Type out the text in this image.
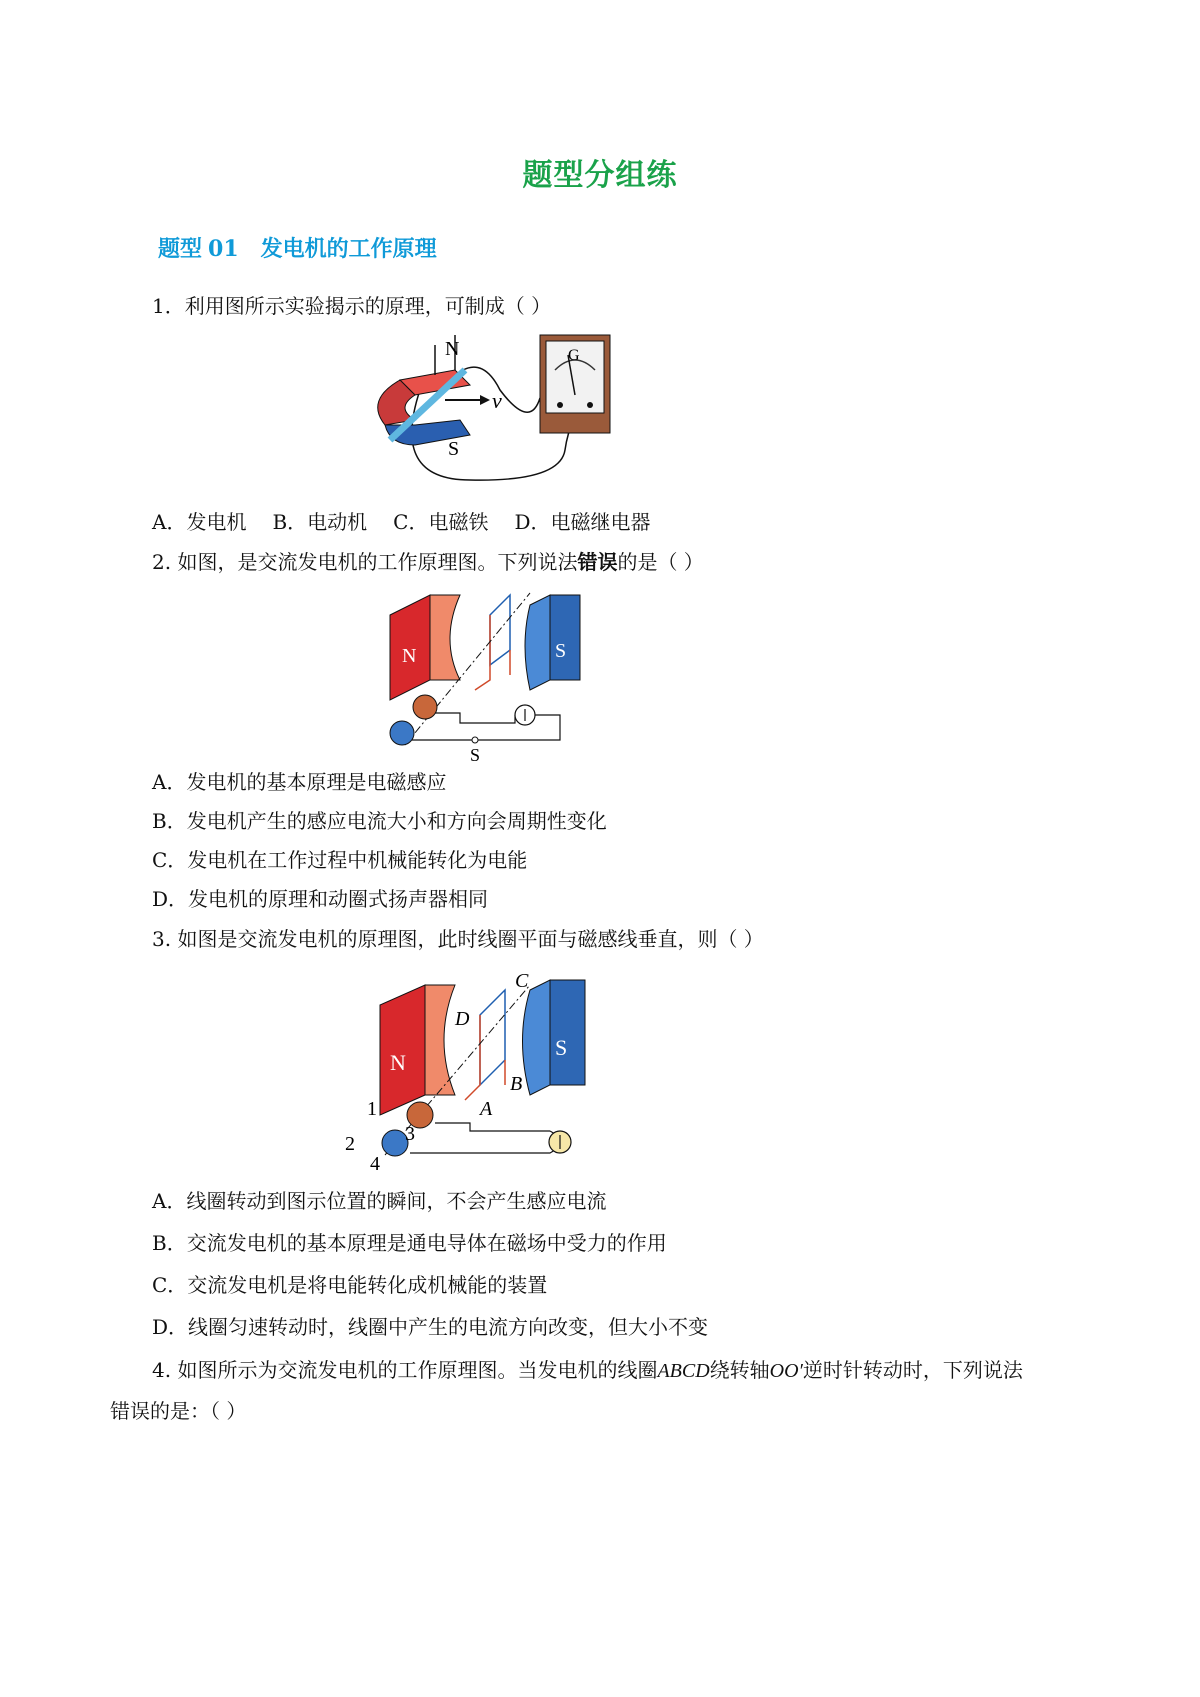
题型分组练
题型 01 发电机的工作原理
1．利用图所示实验揭示的原理，可制成（ ）
v
N
S
G
A．发电机 B．电动机 C．电磁铁 D．电磁继电器
2. 如图，是交流发电机的工作原理图。下列说法错误的是（ ）
N	S
S
A．发电机的基本原理是电磁感应
B．发电机产生的感应电流大小和方向会周期性变化
C．发电机在工作过程中机械能转化为电能
D．发电机的原理和动圈式扬声器相同
3. 如图是交流发电机的原理图，此时线圈平面与磁感线垂直，则（ ）
N
S
C
D
B
A
1
2	3
4
A．线圈转动到图示位置的瞬间，不会产生感应电流
B．交流发电机的基本原理是通电导体在磁场中受力的作用
C．交流发电机是将电能转化成机械能的装置
D．线圈匀速转动时，线圈中产生的电流方向改变，但大小不变
4. 如图所示为交流发电机的工作原理图。当发电机的线圈ABCD绕转轴OO′逆时针转动时，下列说法
错误的是：（ ）
